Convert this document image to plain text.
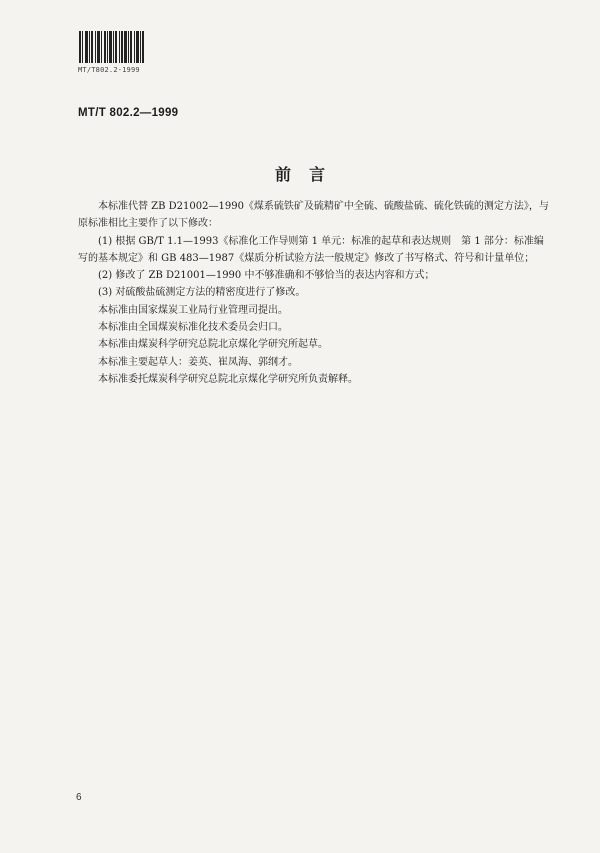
MT/T802.2-1999
MT/T 802.2—1999
前言

本标准代替 ZB D21002—1990《煤系硫铁矿及硫精矿中全硫、硫酸盐硫、硫化铁硫的测定方法》，与

原标准相比主要作了以下修改：

(1) 根据 GB/T 1.1—1993《标准化工作导则第 1 单元：标准的起草和表达规则　第 1 部分：标准编

写的基本规定》和 GB 483—1987《煤质分析试验方法一般规定》修改了书写格式、符号和计量单位；

(2) 修改了 ZB D21001—1990 中不够准确和不够恰当的表达内容和方式；

(3) 对硫酸盐硫测定方法的精密度进行了修改。

本标准由国家煤炭工业局行业管理司提出。

本标准由全国煤炭标准化技术委员会归口。

本标准由煤炭科学研究总院北京煤化学研究所起草。

本标准主要起草人：姜英、崔凤海、郭纲才。

本标准委托煤炭科学研究总院北京煤化学研究所负责解释。

6
